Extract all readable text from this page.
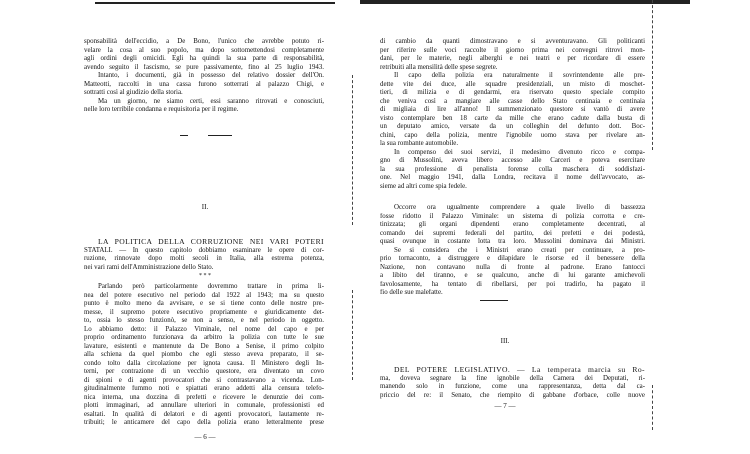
sponsabilità dell'eccidio, a De Bono, l'unico che avrebbe potuto ri-
velare la cosa al suo popolo, ma dopo sottomettendosi completamente
agli ordini degli omicidi. Egli ha quindi la sua parte di responsabilità,
avendo seguito il fascismo, se pure passivamente, fino al 25 luglio 1943.
Intanto, i documenti, già in possesso del relativo dossier dell'On.
Matteotti, raccolti in una cassa furono sotterrati al palazzo Chigi, e
sottratti così al giudizio della storia.
Ma un giorno, ne siamo certi, essi saranno ritrovati e conosciuti,
nelle loro terribile condanna e requisitoria per il regime.
II.
LA POLITICA DELLA CORRUZIONE NEI VARI POTERI
STATALI. — In questo capitolo dobbiamo esaminare le opere di cor-
ruzione, rinnovate dopo molti secoli in Italia, alla estrema potenza,
nei vari rami dell'Amministrazione dello Stato.
* * *
Parlando però particolarmente dovremmo trattare in prima li-
nea del potere esecutivo nel periodo dal 1922 al 1943; ma su questo
punto è molto meno da avvisare, e se si tiene conto delle nostre pre-
messe, il supremo potere esecutivo propriamente e giuridicamente det-
to, ossia lo stesso funzionò, se non a senso, e nel periodo in oggetto.
Lo abbiamo detto: il Palazzo Viminale, nel nome del capo e per
proprio ordinamento funzionava da arbitro la polizia con tutte le sue
lavature, esistenti e mantenute da De Bono a Senise, il primo colpito
alla schiena da quel piombo che egli stesso aveva preparato, il se-
condo tolto dalla circolazione per ignota causa. Il Ministero degli In-
terni, per contrazione di un vecchio questore, era diventato un covo
di spioni e di agenti provocatori che si contrastavano a vicenda. Lon-
gitudinalmente fummo noti e spiattati erano addetti alla censura telefo-
nica interna, una dozzina di prefetti e ricevere le denunzie dei com-
plotti immaginari, ad annullare ulteriori in comunale, professionisti ed
esaltati. In qualità di delatori e di agenti provocatori, lautamente re-
tribuiti; le anticamere del capo della polizia erano letteralmente prese
— 6 —
di cambio da quanti dimostravano e si avventuravano. Gli politicanti
per riferire sulle voci raccolte il giorno prima nei convegni ritrovi mon-
dani, per le materie, negli alberghi e nei teatri e per ricordare di essere
retribuiti alla mensilità delle spese segrete.
Il capo della polizia era naturalmente il sovrintendente alle pre-
dette vite dei duce, alle squadre presidenziali, un misto di moschet-
tieri, di milizia e di gendarmi, era riservato questo speciale compito
che veniva così a mangiare alle casse dello Stato centinaia e centinaia
di migliaia di lire all'anno! Il summenzionato questore si vantò di avere
visto contemplare ben 18 carte da mille che erano cadute dalla busta di
un deputato amico, versate da un colleghin del defunto dott. Boc-
chini, capo della polizia, mentre l'ignobile uomo stava per rivelare an-
la sua rombante automobile.
In compenso dei suoi servizi, il medesimo divenuto ricco e compa-
gno di Mussolini, aveva libero accesso alle Carceri e poteva esercitare
la sua professione di penalista forense colla maschera di soddisfazi-
one. Nel maggio 1941, dalla Londra, recitava il nome dell'avvocato, as-
sieme ad altri come spia fedele.
Occorre ora ugualmente comprendere a quale livello di bassezza
fosse ridotto il Palazzo Viminale: un sistema di polizia corrotta e cre-
tinizzata; gli organi dipendenti erano completamente decentrati, al
comando dei supremi federali del partito, dei prefetti e dei podestà,
quasi ovunque in costante lotta tra loro. Mussolini dominava dai Ministri.
Se si considera che i Ministri erano creati per continuare, a pro-
prio tornaconto, a distruggere e dilapidare le risorse ed il benessere della
Nazione, non contavano nulla di fronte al padrone. Erano fantocci
a libito del tiranno, e se qualcuno, anche di lui garante amichevoli
favolosamente, ha tentato di ribellarsi, per poi tradirlo, ha pagato il
fio delle sue malefatte.
III.
DEL POTERE LEGISLATIVO. — La temperata marcia su Ro-
ma, doveva segnare la fine ignobile della Camera dei Deputati, ri-
manendo solo in funzione, come una rappresentanza, detta dal ca-
priccio del re: il Senato, che riempito di gabbane d'orbace, colle nuove
— 7 —
